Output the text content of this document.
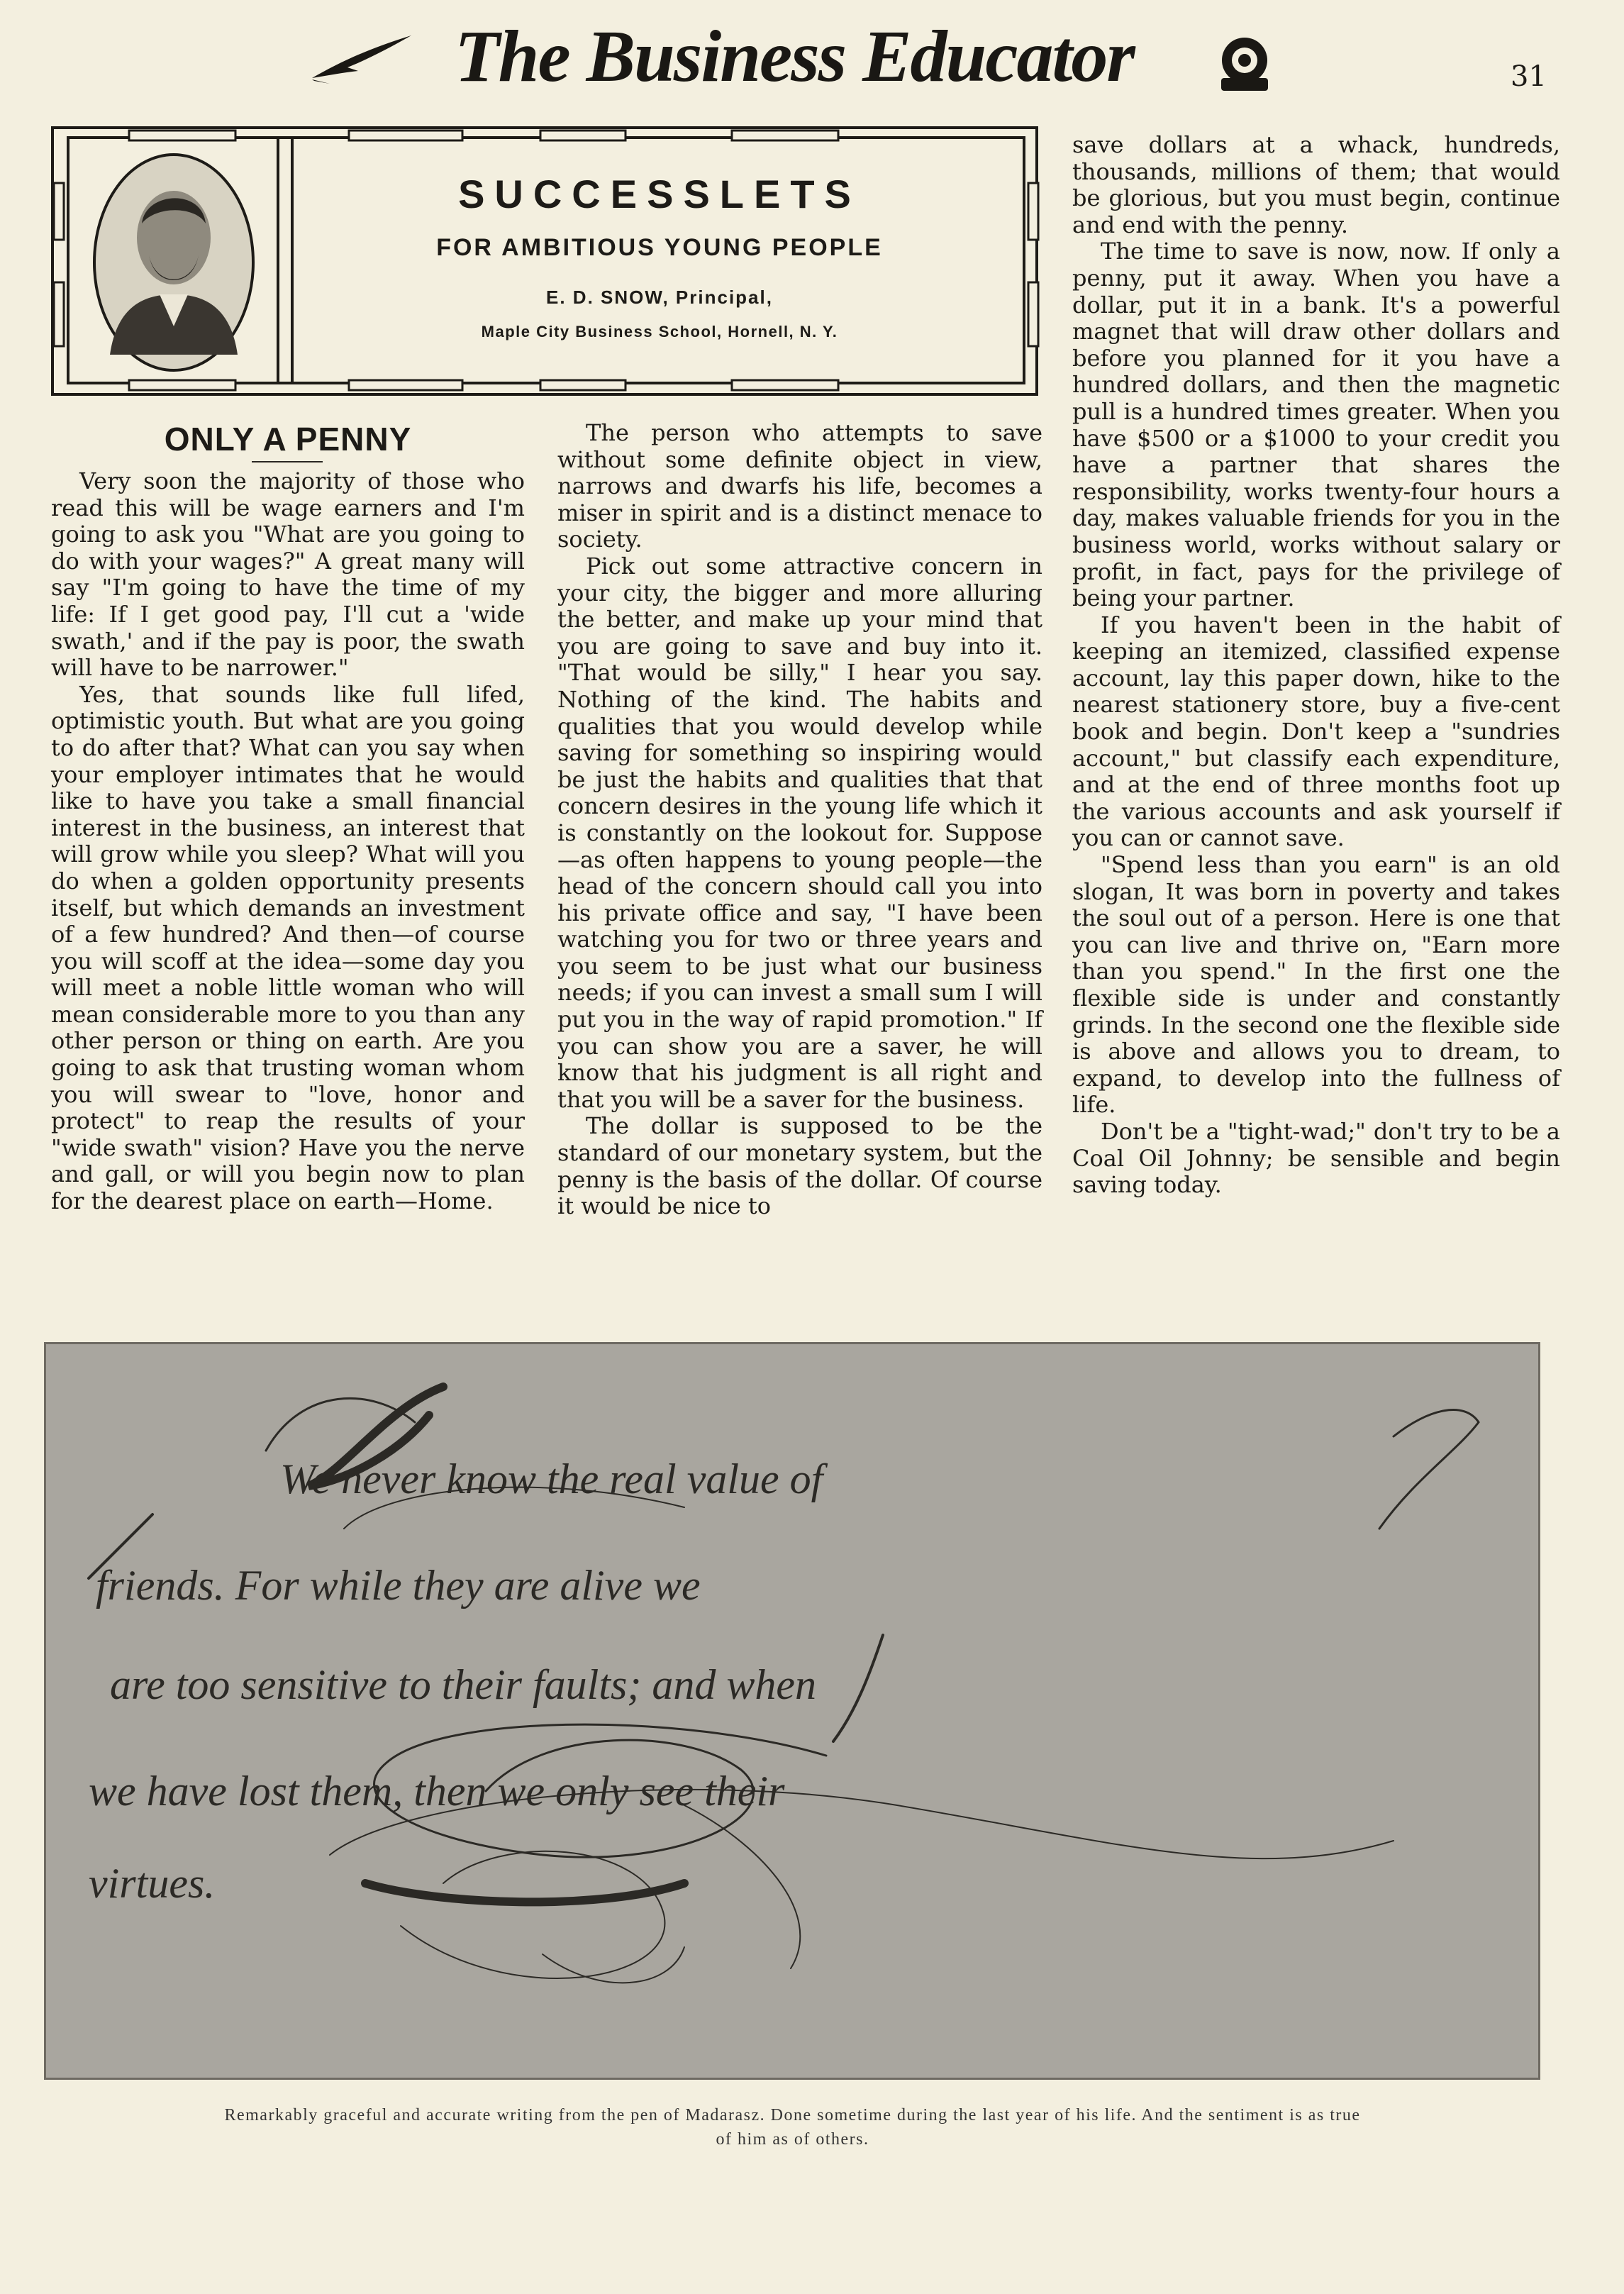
The Business Educator	31
SUCCESSLETS
FOR AMBITIOUS YOUNG PEOPLE
E. D. SNOW, Principal,
Maple City Business School, Hornell, N. Y.
ONLY A PENNY

Very soon the majority of those who read this will be wage earners and I'm going to ask you "What are you going to do with your wages?" A great many will say "I'm going to have the time of my life: If I get good pay, I'll cut a 'wide swath,' and if the pay is poor, the swath will have to be narrower."

Yes, that sounds like full lifed, optimistic youth. But what are you going to do after that? What can you say when your employer intimates that he would like to have you take a small financial interest in the business, an interest that will grow while you sleep? What will you do when a golden opportunity presents itself, but which demands an investment of a few hundred? And then—of course you will scoff at the idea—some day you will meet a noble little woman who will mean considerable more to you than any other person or thing on earth. Are you going to ask that trusting woman whom you will swear to "love, honor and protect" to reap the results of your "wide swath" vision? Have you the nerve and gall, or will you begin now to plan for the dearest place on earth—Home.

The person who attempts to save without some definite object in view, narrows and dwarfs his life, becomes a miser in spirit and is a distinct menace to society.

Pick out some attractive concern in your city, the bigger and more alluring the better, and make up your mind that you are going to save and buy into it. "That would be silly," I hear you say. Nothing of the kind. The habits and qualities that you would develop while saving for something so inspiring would be just the habits and qualities that that concern desires in the young life which it is constantly on the lookout for. Suppose—as often happens to young people—the head of the concern should call you into his private office and say, "I have been watching you for two or three years and you seem to be just what our business needs; if you can invest a small sum I will put you in the way of rapid promotion." If you can show you are a saver, he will know that his judgment is all right and that you will be a saver for the business.

The dollar is supposed to be the standard of our monetary system, but the penny is the basis of the dollar. Of course it would be nice to

save dollars at a whack, hundreds, thousands, millions of them; that would be glorious, but you must begin, continue and end with the penny.

The time to save is now, now. If only a penny, put it away. When you have a dollar, put it in a bank. It's a powerful magnet that will draw other dollars and before you planned for it you have a hundred dollars, and then the magnetic pull is a hundred times greater. When you have $500 or a $1000 to your credit you have a partner that shares the responsibility, works twenty-four hours a day, makes valuable friends for you in the business world, works without salary or profit, in fact, pays for the privilege of being your partner.

If you haven't been in the habit of keeping an itemized, classified expense account, lay this paper down, hike to the nearest stationery store, buy a five-cent book and begin. Don't keep a "sundries account," but classify each expenditure, and at the end of three months foot up the various accounts and ask yourself if you can or cannot save.

"Spend less than you earn" is an old slogan, It was born in poverty and takes the soul out of a person. Here is one that you can live and thrive on, "Earn more than you spend." In the first one the flexible side is under and constantly grinds. In the second one the flexible side is above and allows you to dream, to expand, to develop into the fullness of life.

Don't be a "tight-wad;" don't try to be a Coal Oil Johnny; be sensible and begin saving today.

We never know the real value of
friends. For while they are alive we
are too sensitive to their faults; and when
we have lost them, then we only see their
virtues.
Remarkably graceful and accurate writing from the pen of Madarasz. Done sometime during the last year of his life. And the sentiment is as true
of him as of others.
